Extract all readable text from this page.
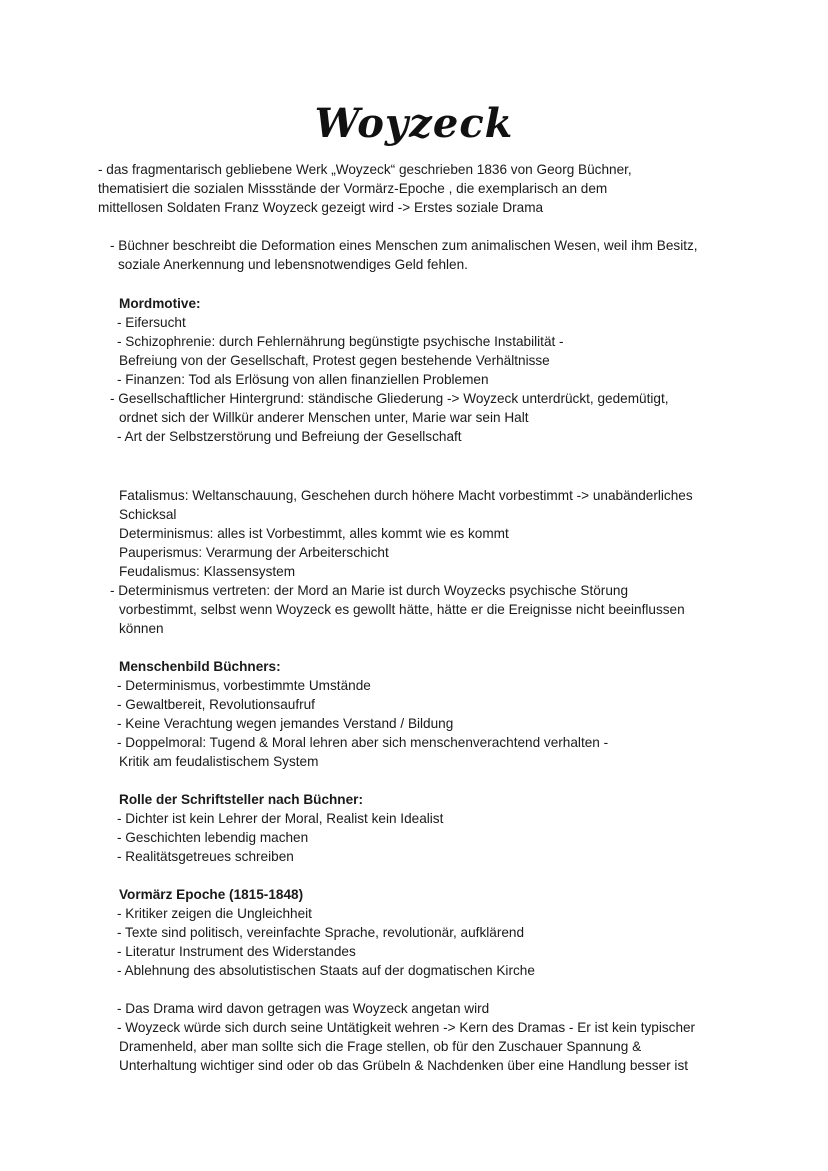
Woyzeck
- das fragmentarisch gebliebene Werk „Woyzeck“ geschrieben 1836 von Georg Büchner,
thematisiert die sozialen Missstände der Vormärz-Epoche , die exemplarisch an dem
mittellosen Soldaten Franz Woyzeck gezeigt wird -> Erstes soziale Drama
- Büchner beschreibt die Deformation eines Menschen zum animalischen Wesen, weil ihm Besitz,
soziale Anerkennung und lebensnotwendiges Geld fehlen.
Mordmotive:
- Eifersucht
- Schizophrenie: durch Fehlernährung begünstigte psychische Instabilität -
Befreiung von der Gesellschaft, Protest gegen bestehende Verhältnisse
- Finanzen: Tod als Erlösung von allen finanziellen Problemen
- Gesellschaftlicher Hintergrund: ständische Gliederung -> Woyzeck unterdrückt, gedemütigt,
ordnet sich der Willkür anderer Menschen unter, Marie war sein Halt
- Art der Selbstzerstörung und Befreiung der Gesellschaft
Fatalismus: Weltanschauung, Geschehen durch höhere Macht vorbestimmt -> unabänderliches
Schicksal
Determinismus: alles ist Vorbestimmt, alles kommt wie es kommt
Pauperismus: Verarmung der Arbeiterschicht
Feudalismus: Klassensystem
- Determinismus vertreten: der Mord an Marie ist durch Woyzecks psychische Störung
vorbestimmt, selbst wenn Woyzeck es gewollt hätte, hätte er die Ereignisse nicht beeinflussen
können
Menschenbild Büchners:
- Determinismus, vorbestimmte Umstände
- Gewaltbereit, Revolutionsaufruf
- Keine Verachtung wegen jemandes Verstand / Bildung
- Doppelmoral: Tugend & Moral lehren aber sich menschenverachtend verhalten -
Kritik am feudalistischem System
Rolle der Schriftsteller nach Büchner:
- Dichter ist kein Lehrer der Moral, Realist kein Idealist
- Geschichten lebendig machen
- Realitätsgetreues schreiben
Vormärz Epoche (1815-1848)
- Kritiker zeigen die Ungleichheit
- Texte sind politisch, vereinfachte Sprache, revolutionär, aufklärend
- Literatur Instrument des Widerstandes
- Ablehnung des absolutistischen Staats auf der dogmatischen Kirche
- Das Drama wird davon getragen was Woyzeck angetan wird
- Woyzeck würde sich durch seine Untätigkeit wehren -> Kern des Dramas - Er ist kein typischer
Dramenheld, aber man sollte sich die Frage stellen, ob für den Zuschauer Spannung &
Unterhaltung wichtiger sind oder ob das Grübeln & Nachdenken über eine Handlung besser ist
